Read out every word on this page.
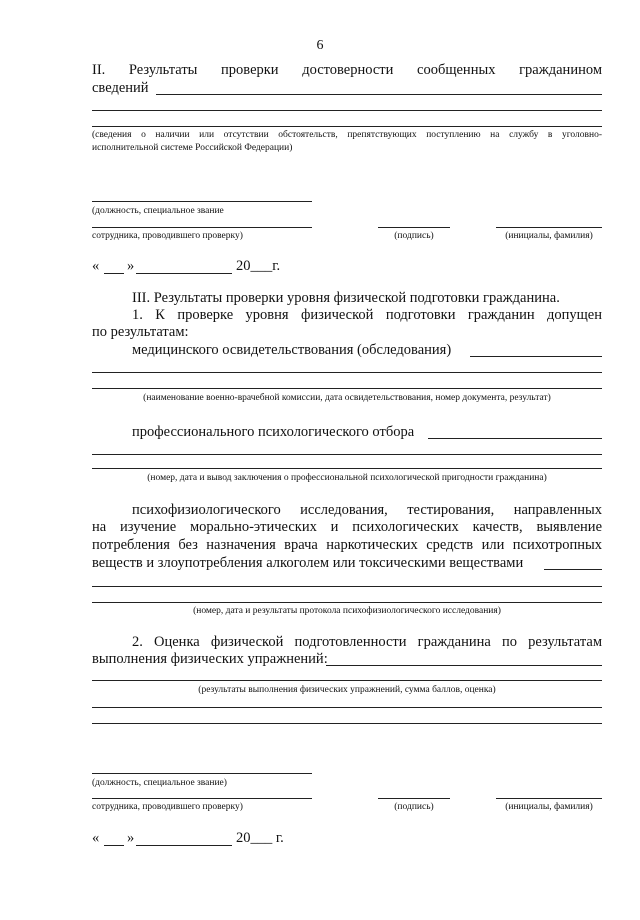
6
II. Результаты проверки достоверности сообщенных гражданином
сведений
(сведения о наличии или отсутствии обстоятельств, препятствующих поступлению на службу в уголовно-
исполнительной системе Российской Федерации)
(должность, специальное звание
сотрудника, проводившего проверку)	(подпись)	(инициалы, фамилия)
« »	20___г.
III. Результаты проверки уровня физической подготовки гражданина.
1. К проверке уровня физической подготовки гражданин допущен
по результатам:
медицинского освидетельствования (обследования)
(наименование военно-врачебной комиссии, дата освидетельствования, номер документа, результат)
профессионального психологического отбора
(номер, дата и вывод заключения о профессиональной психологической пригодности гражданина)
психофизиологического исследования, тестирования, направленных
на изучение морально-этических и психологических качеств, выявление
потребления без назначения врача наркотических средств или психотропных
веществ и злоупотребления алкоголем или токсическими веществами
(номер, дата и результаты протокола психофизиологического исследования)
2. Оценка физической подготовленности гражданина по результатам
выполнения физических упражнений:
(результаты выполнения физических упражнений, сумма баллов, оценка)
(должность, специальное звание)
сотрудника, проводившего проверку)	(подпись)	(инициалы, фамилия)
« »	20___ г.
